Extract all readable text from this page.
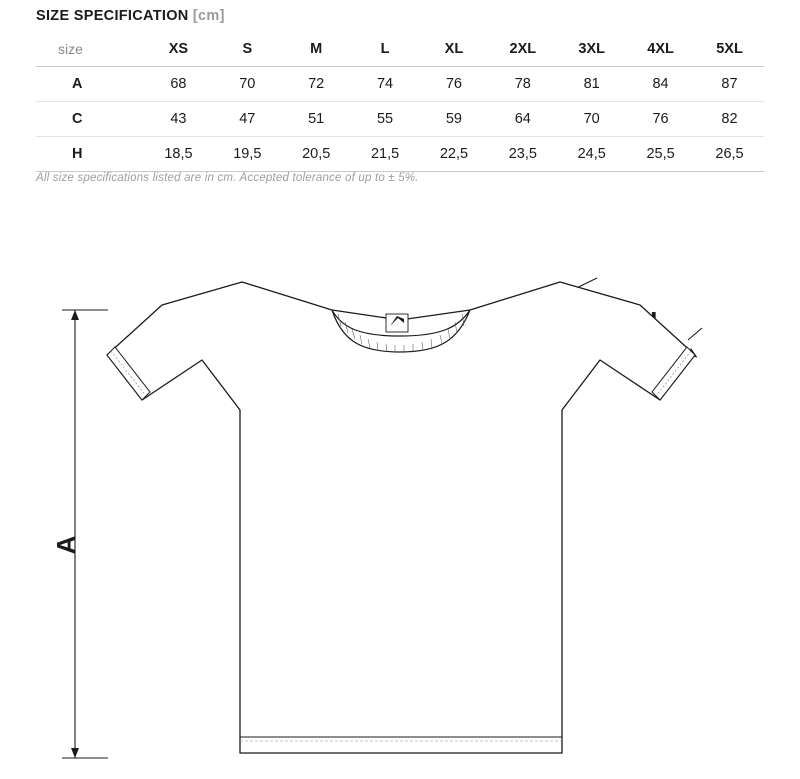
SIZE SPECIFICATION [cm]
size	XS	S	M	L	XL	2XL	3XL	4XL	5XL
A	68	70	72	74	76	78	81	84	87
C	43	47	51	55	59	64	70	76	82
H	18,5	19,5	20,5	21,5	22,5	23,5	24,5	25,5	26,5
All size specifications listed are in cm. Accepted tolerance of up to ± 5%.
A
